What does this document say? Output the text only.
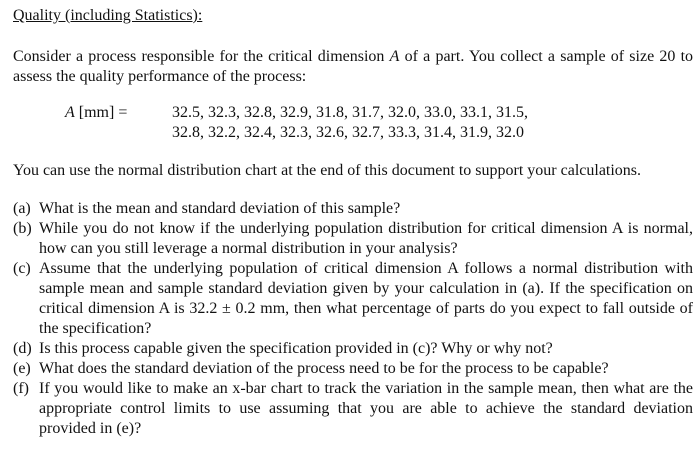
Quality (including Statistics):

Consider a process responsible for the critical dimension A of a part. You collect a sample of size 20 to assess the quality performance of the process:
A [mm] =	32.5, 32.3, 32.8, 32.9, 31.8, 31.7, 32.0, 33.0, 33.1, 31.5,
32.8, 32.2, 32.4, 32.3, 32.6, 32.7, 33.3, 31.4, 31.9, 32.0
You can use the normal distribution chart at the end of this document to support your calculations.
(a) What is the mean and standard deviation of this sample?
(b) While you do not know if the underlying population distribution for critical dimension A is normal, how can you still leverage a normal distribution in your analysis?
(c) Assume that the underlying population of critical dimension A follows a normal distribution with sample mean and sample standard deviation given by your calculation in (a). If the specification on critical dimension A is 32.2 ± 0.2 mm, then what percentage of parts do you expect to fall outside of the specification?
(d) Is this process capable given the specification provided in (c)? Why or why not?
(e) What does the standard deviation of the process need to be for the process to be capable?
(f) If you would like to make an x-bar chart to track the variation in the sample mean, then what are the appropriate control limits to use assuming that you are able to achieve the standard deviation provided in (e)?
